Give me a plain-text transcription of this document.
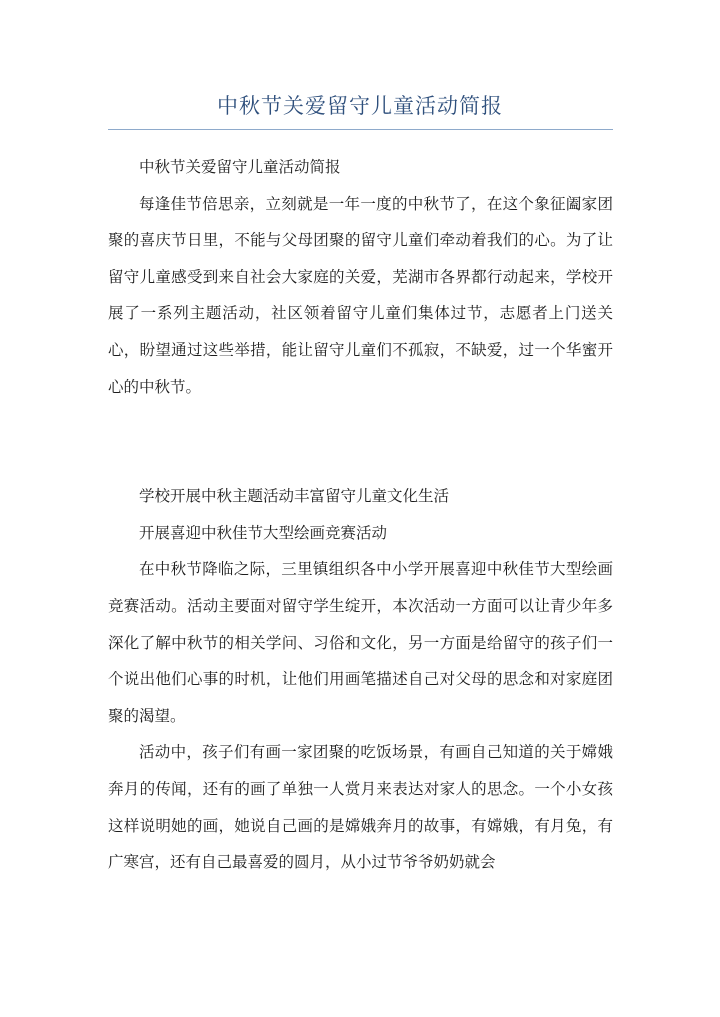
中秋节关爱留守儿童活动简报

中秋节关爱留守儿童活动简报

每逢佳节倍思亲，立刻就是一年一度的中秋节了，在这个象征阖家团聚的喜庆节日里，不能与父母团聚的留守儿童们牵动着我们的心。为了让留守儿童感受到来自社会大家庭的关爱，芜湖市各界都行动起来，学校开展了一系列主题活动，社区领着留守儿童们集体过节，志愿者上门送关心，盼望通过这些举措，能让留守儿童们不孤寂，不缺爱，过一个华蜜开心的中秋节。

学校开展中秋主题活动丰富留守儿童文化生活

开展喜迎中秋佳节大型绘画竞赛活动

在中秋节降临之际，三里镇组织各中小学开展喜迎中秋佳节大型绘画竞赛活动。活动主要面对留守学生绽开，本次活动一方面可以让青少年多深化了解中秋节的相关学问、习俗和文化，另一方面是给留守的孩子们一个说出他们心事的时机，让他们用画笔描述自己对父母的思念和对家庭团聚的渴望。

活动中，孩子们有画一家团聚的吃饭场景，有画自己知道的关于嫦娥奔月的传闻，还有的画了单独一人赏月来表达对家人的思念。一个小女孩这样说明她的画，她说自己画的是嫦娥奔月的故事，有嫦娥，有月兔，有广寒宫，还有自己最喜爱的圆月，从小过节爷爷奶奶就会
